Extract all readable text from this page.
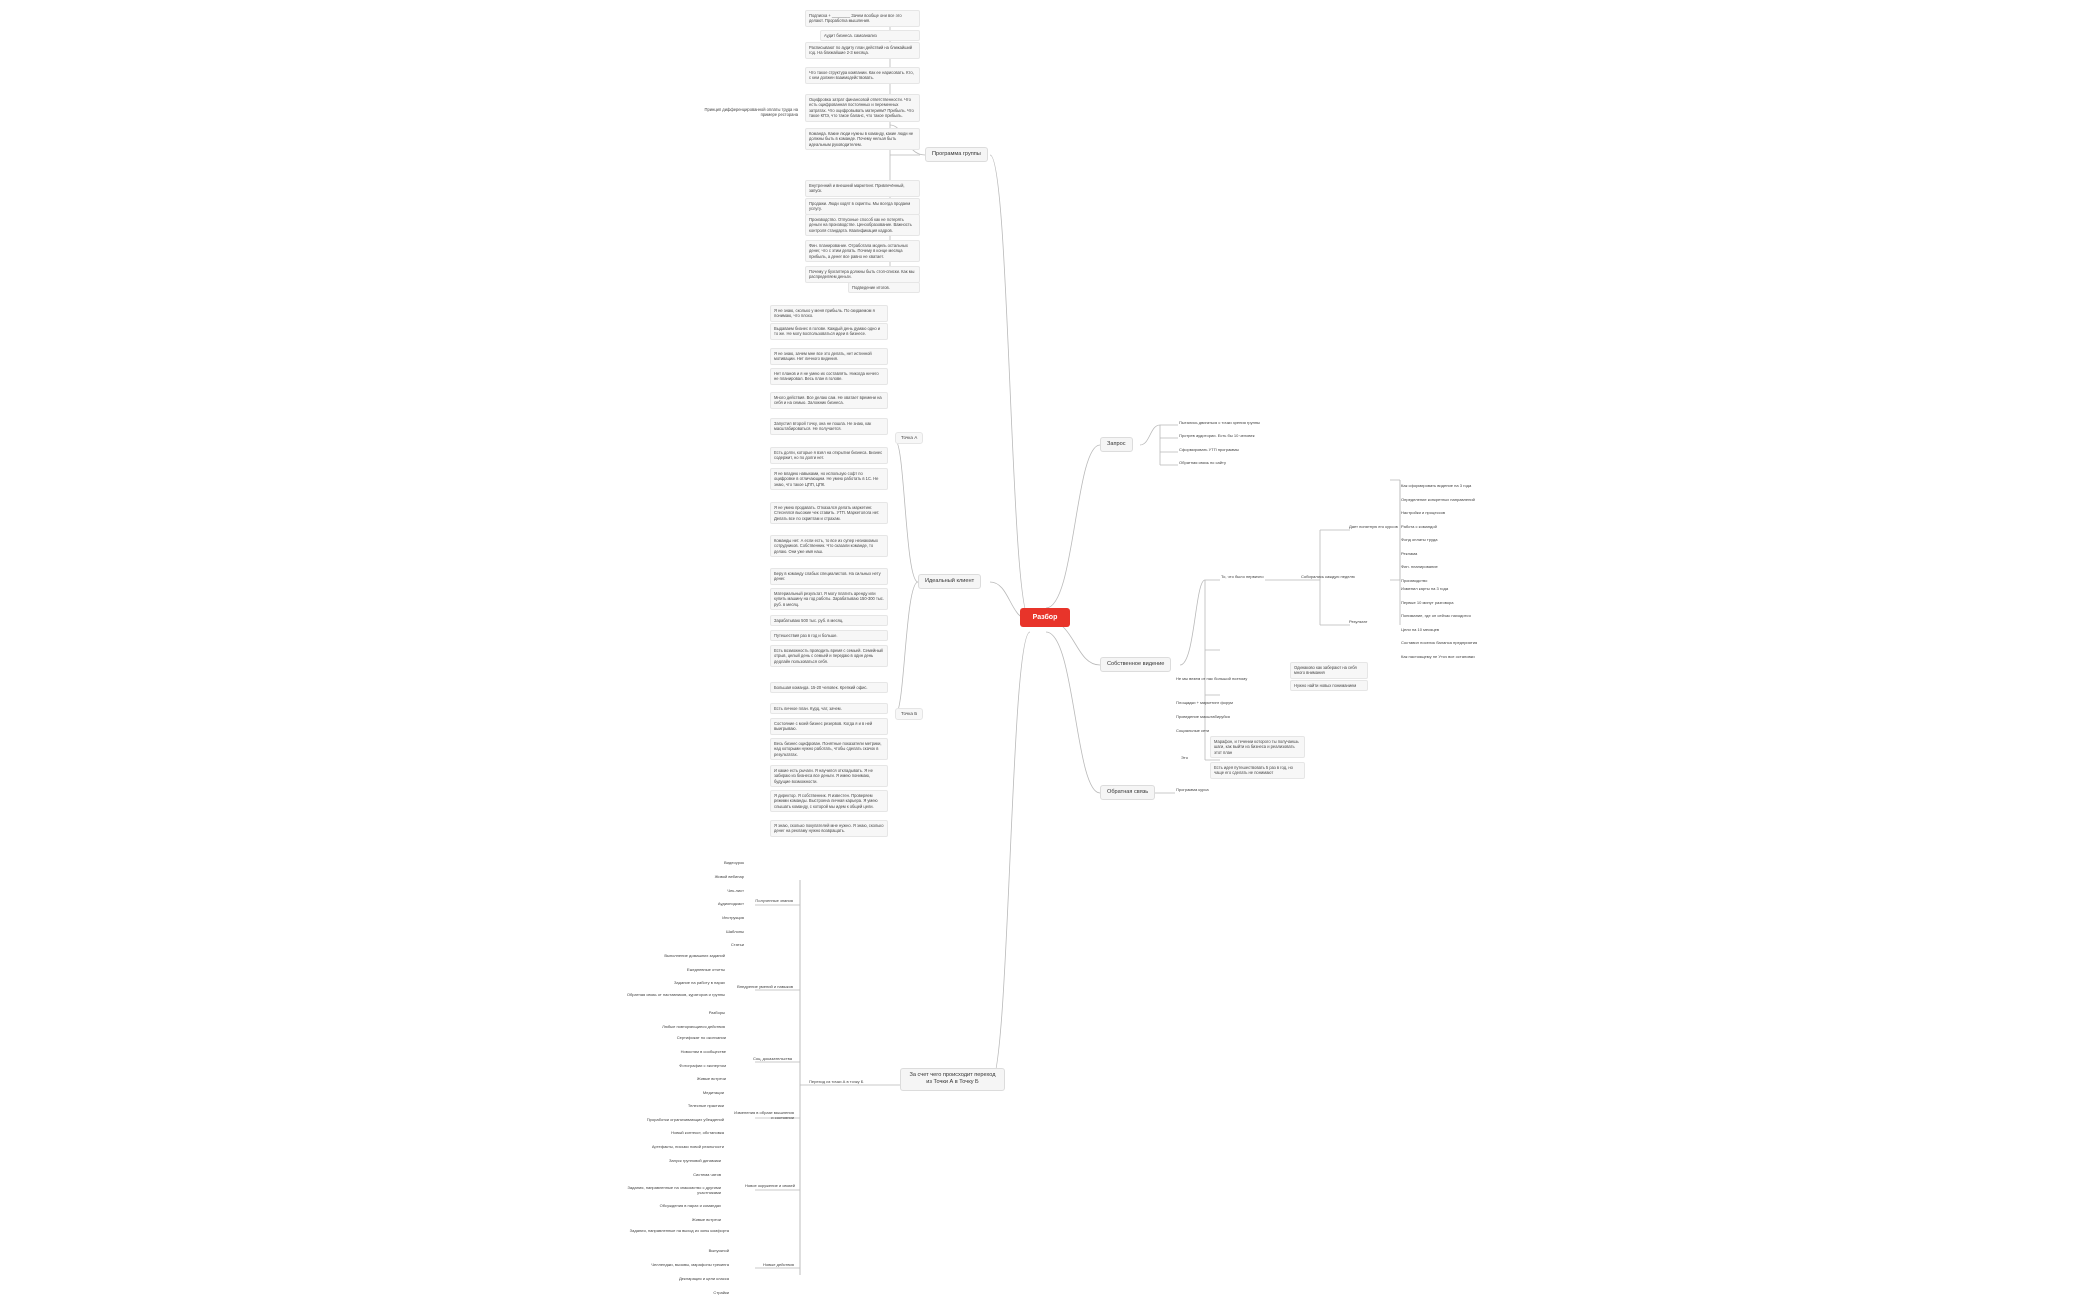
Разбор
Программа группы
Идеальный клиент
Запрос
Собственное видение
Обратная связь
За счет чего происходит переход из Точки А в Точку Б
Принцип дифференцированной оплаты труда на примере ресторана
Подписка + ________ Зачем вообще они все это делают. Проработка мышления.
Аудит бизнеса. самоанализ
Расписывают по аудиту план действий на ближайший год. На ближайшие 2-3 месяца.
Что такое структура компании. Как ее нарисовать. Кто, с кем должен взаимодействовать.
Оцифровка затрат финансовой ответственности. Что есть оцифрованная постоянных и переменных затратах. Что оцифровывать материям? Прибыль. Что такое КПЭ, что такое баланс, что такое прибыль.
Команда. Какие люди нужны в команду, какие люди не должны быть в команде. Почему нельзя быть идеальным руководителем.
Внутренний и внешний маркетинг. Привлечённый, запуск.
Продажи. Люди ходят в скрипты. Мы всегда продаем услугу.
Производство. Отпускные способ как не потерять деньги на производстве. Ценообразование. Важность контроля стандарта. Квалификация кадров.
Фин. планирование. Отработала модель остальных денег, что с этим делать. Почему в конце месяца прибыль, а денег все равно не хватает.
Почему у бухгалтера должны быть стоп-списки. Как мы распределяем деньги.
Подведение итогов.
Точка А
Точка Б
Я не знаю, сколько у меня прибыль. По скидаемом я понимаю, что плохо.
Выдаваем бизнес в голове. Каждый день думаю одно и то же. Не могу воспользоваться идеи в бизнесе.
Я не знаю, зачем мне все это делать, нет истинной мотивации. Нет личного видения.
Нет планов и я не умею их составлять. Никогда ничего не планировал. Весь план в голове.
Много действия. Все делаю сам. Не хватает времени на себя и на семью. Заложник бизнеса.
Запустил второй точку, она не пошла. Не знаю, как масштабироваться. Не получается.
Есть долги, которые я взял на открытии бизнеса. Бизнес содержит, но по долги нет.
Я не владею навыками, но использую софт по оцифровке в отличающим. Не умею работать в 1С. Не знаю, что такое ЦПП, ЦПК.
Я не умею продавать. Отказался делать маркетинг. Стеснялся высокие чек ставить. УТП. Маркетолога нет. Делать все по скриптам и страхам.
Команды нет. А если есть, то все из супер незнакомых сотрудников. Собственник. Что сказали команде, то делаю. Они уже имя наш.
Беру в команду слабых специалистов. На сильных нету денег.
Материальный результат. Я могу платить аренду или купить машину на год работы. Зарабатываю 150-300 тыс. руб. в месяц.
Зарабатываю 500 тыс. руб. в месяц.
Путешествия раз в год и больше.
Есть возможность проводить время с семьей. Семейный отрыв, целый день с семьей и передаю в один день дедлайн пользоваться себя.
Большая команда. 15-20 человек. Крепкий офис.
Есть личное план. Курд, чат, зачем.
Состояние с моей бизнес резервов. Когда я и в ней выигрываю.
Весь бизнес оцифрован. Понятные показатели метрики, над которыми нужно работать, чтобы сделать скачок в результатах.
И какие есть рычаги. Я научился откладывать. Я не забираю из бизнеса все деньги. Я имею понимаю, будущие возможности.
Я директор. Я собственник. Я известен. Проверяем режими команды. Выстроена личная карьера. Я умею слышать команду, с которой мы идем к общей цели.
Я знаю, сколько покупателей мне нужно. Я знаю, сколько денег на рекламу нужно возвращать.
Пытались двигаться с точки зрения группы
Протрев аудитории. Есть бы 10 человек
Сформировать УТП программы
Обратная связь по сайту
То, что было первично	Собирались каждую неделю
Дает понятную его курсов
Результат
Как сформировать видение на 3 года
Определение конкретных направлений
Настройки и процессов
Работа с командой
Фонд оплаты труда
Реклама
Фин. планирование
Производство
Изменил карты на 3 года
Первые 10 минут разговора
Понимание, где он сейчас находится
Цели на 10 месяцев
Составил поселок баланса предприятия
Как настоящему не Уточ все остановки
Не мы везем от нас большой поэтому
Площадки + маркетинг форум
Проведение масштабируйся
Социальные сети
Одинаково как заберают на себя много внимания
Нужно найти новых пониманием
Это
Марафон, и течении которого ты получаешь шаги, как выйти из бизнеса и реализовать этот план
Есть идея путешествовать 5 раз в год, но чаще его сделать не понимают
Программа курса
Переход из точки А в точку Б
Полученные знания
Видеоурок
Живой вебинар
Чек-лист
Аудиоподкаст
Инструкция
Шаблоны
Статьи
Внедрение умений и навыков
Выполнение домашних заданий
Ежедневные отчеты
Задание на работу в парах
Обратная связь от наставников, кураторов и группы
Разборы
Любые повторяющиеся действия
Соц. доказательства
Сертификат по окончании
Новостям в сообществе
Фотографии с экспертом
Живые встречи
Изменения в образе мышления и состоянии
Медитации
Телесные практики
Проработки ограничивающих убеждений
Новый контекст, обстановка
Артефакты, письмо новой реальности
Новое окружение и связей
Запуск групповой динамики
Система чатов
Задания, направленные на знакомство с другими участниками
Обсуждения в парах и командах
Живые встречи
Новые действия
Задания, направленные на выход из зоны комфорта
Выпускной
Челленджи, вызовы, марафоны трекинга
Декларация и цели класса
Страйки
